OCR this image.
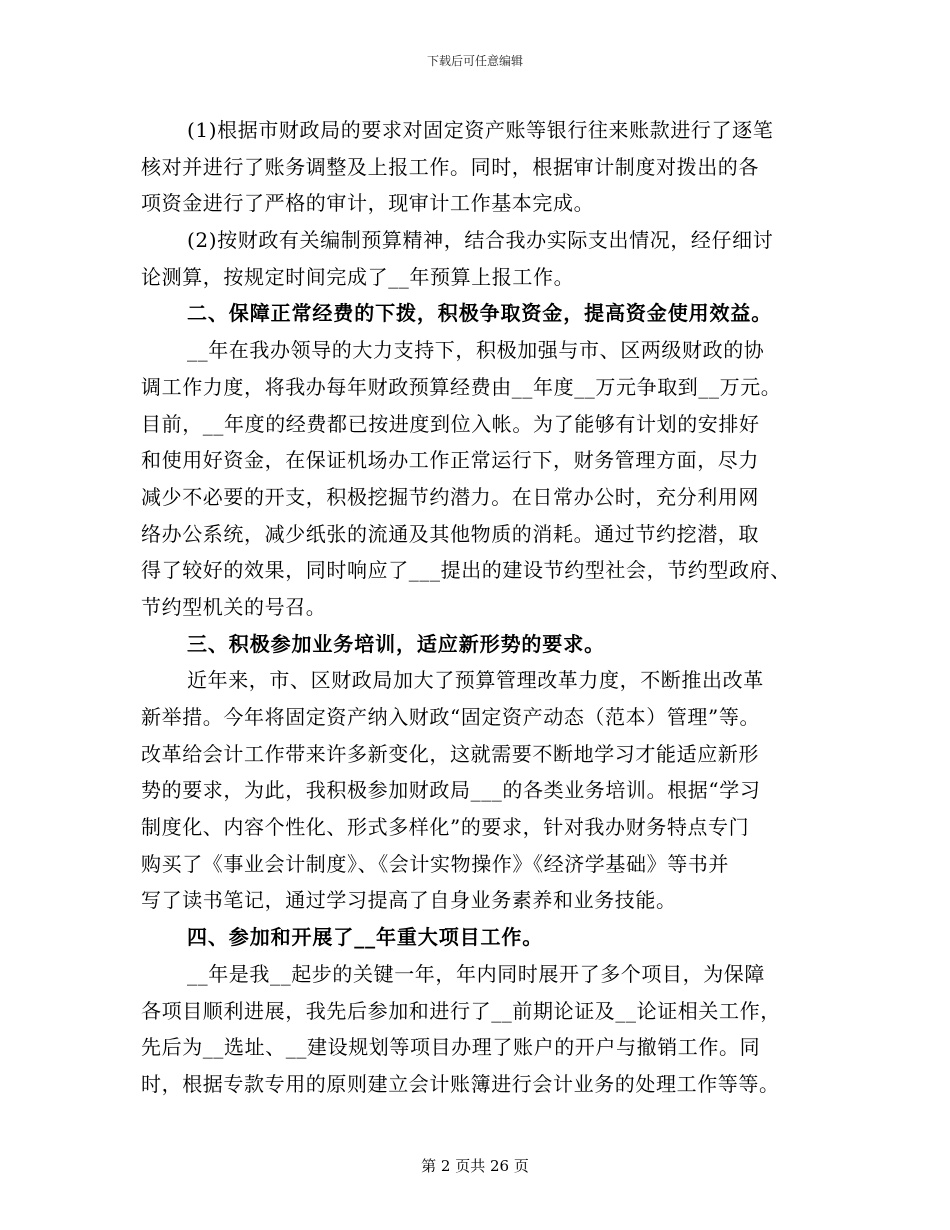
下载后可任意编辑
(1)根据市财政局的要求对固定资产账等银行往来账款进行了逐笔
核对并进行了账务调整及上报工作。同时，根据审计制度对拨出的各
项资金进行了严格的审计，现审计工作基本完成。
(2)按财政有关编制预算精神，结合我办实际支出情况，经仔细讨
论测算，按规定时间完成了__年预算上报工作。
二、保障正常经费的下拨，积极争取资金，提高资金使用效益。
__年在我办领导的大力支持下，积极加强与市、区两级财政的协
调工作力度，将我办每年财政预算经费由__年度__万元争取到__万元。
目前，__年度的经费都已按进度到位入帐。为了能够有计划的安排好
和使用好资金，在保证机场办工作正常运行下，财务管理方面，尽力
减少不必要的开支，积极挖掘节约潜力。在日常办公时，充分利用网
络办公系统，减少纸张的流通及其他物质的消耗。通过节约挖潜，取
得了较好的效果，同时响应了___提出的建设节约型社会，节约型政府、
节约型机关的号召。
三、积极参加业务培训，适应新形势的要求。
近年来，市、区财政局加大了预算管理改革力度，不断推出改革
新举措。今年将固定资产纳入财政“固定资产动态（范本）管理”等。
改革给会计工作带来许多新变化，这就需要不断地学习才能适应新形
势的要求，为此，我积极参加财政局___的各类业务培训。根据“学习
制度化、内容个性化、形式多样化”的要求，针对我办财务特点专门
购买了《事业会计制度》、《会计实物操作》《经济学基础》等书并
写了读书笔记，通过学习提高了自身业务素养和业务技能。
四、参加和开展了__年重大项目工作。
__年是我__起步的关键一年，年内同时展开了多个项目，为保障
各项目顺利进展，我先后参加和进行了__前期论证及__论证相关工作，
先后为__选址、__建设规划等项目办理了账户的开户与撤销工作。同
时，根据专款专用的原则建立会计账簿进行会计业务的处理工作等等。
第 2 页共 26 页
